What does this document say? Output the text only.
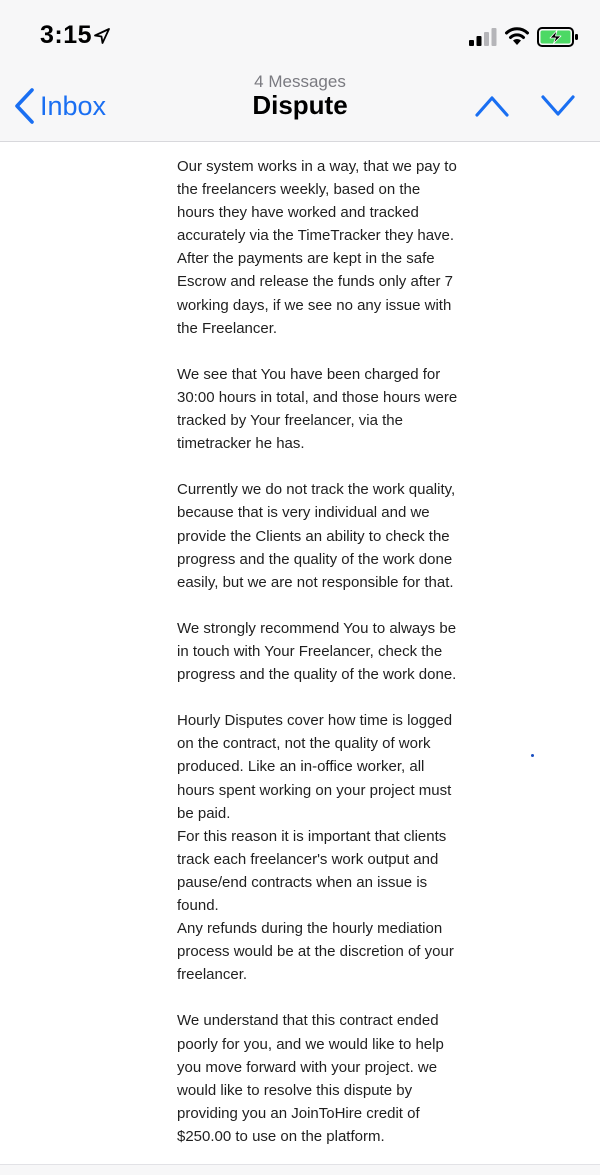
3:15
Inbox
4 Messages
Dispute

Our system works in a way, that we pay to
the freelancers weekly, based on the
hours they have worked and tracked
accurately via the TimeTracker they have.
After the payments are kept in the safe
Escrow and release the funds only after 7
working days, if we see no any issue with
the Freelancer.

We see that You have been charged for
30:00 hours in total, and those hours were
tracked by Your freelancer, via the
timetracker he has.

Currently we do not track the work quality,
because that is very individual and we
provide the Clients an ability to check the
progress and the quality of the work done
easily, but we are not responsible for that.

We strongly recommend You to always be
in touch with Your Freelancer, check the
progress and the quality of the work done.

Hourly Disputes cover how time is logged
on the contract, not the quality of work
produced. Like an in-office worker, all
hours spent working on your project must
be paid.
For this reason it is important that clients
track each freelancer's work output and
pause/end contracts when an issue is
found.
Any refunds during the hourly mediation
process would be at the discretion of your
freelancer.

We understand that this contract ended
poorly for you, and we would like to help
you move forward with your project. we
would like to resolve this dispute by
providing you an JoinToHire credit of
$250.00 to use on the platform.
